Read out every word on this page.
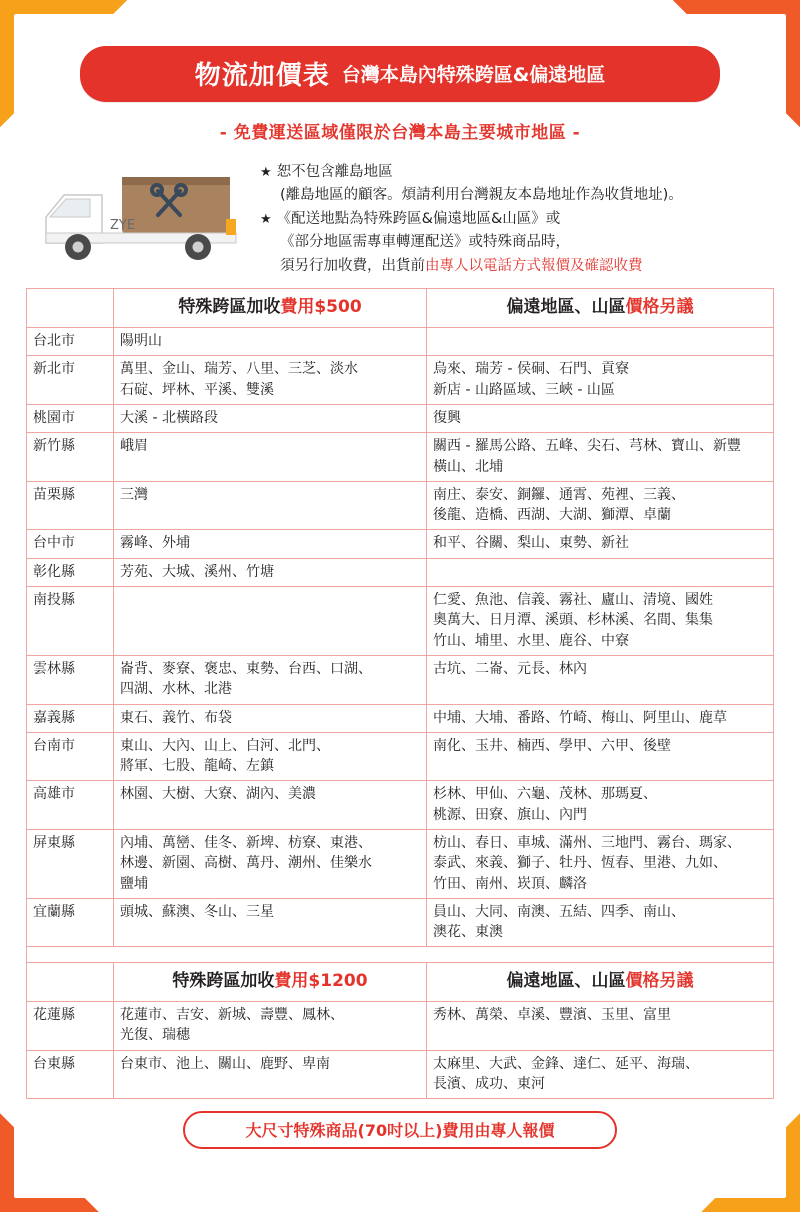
物流加價表 台灣本島內特殊跨區&偏遠地區
- 免費運送區域僅限於台灣本島主要城市地區 -
ZYE
★ 恕不包含離島地區
(離島地區的顧客。煩請利用台灣親友本島地址作為收貨地址)。
★ 《配送地點為特殊跨區&偏遠地區&山區》或
《部分地區需專車轉運配送》或特殊商品時，
須另行加收費，出貨前由專人以電話方式報價及確認收費
	特殊跨區加收費用$500	偏遠地區、山區價格另議
台北市	陽明山	
新北市	萬里、金山、瑞芳、八里、三芝、淡水
石碇、坪林、平溪、雙溪	烏來、瑞芳 - 侯硐、石門、貢寮
新店 - 山路區域、三峽 - 山區
桃園市	大溪 - 北橫路段	復興
新竹縣	峨眉	關西 - 羅馬公路、五峰、尖石、芎林、寶山、新豐
橫山、北埔
苗栗縣	三灣	南庄、泰安、銅鑼、通霄、苑裡、三義、
後龍、造橋、西湖、大湖、獅潭、卓蘭
台中市	霧峰、外埔	和平、谷關、梨山、東勢、新社
彰化縣	芳苑、大城、溪州、竹塘	
南投縣		仁愛、魚池、信義、霧社、廬山、清境、國姓
奧萬大、日月潭、溪頭、杉林溪、名間、集集
竹山、埔里、水里、鹿谷、中寮
雲林縣	崙背、麥寮、褒忠、東勢、台西、口湖、
四湖、水林、北港	古坑、二崙、元長、林內
嘉義縣	東石、義竹、布袋	中埔、大埔、番路、竹崎、梅山、阿里山、鹿草
台南市	東山、大內、山上、白河、北門、
將軍、七股、龍崎、左鎮	南化、玉井、楠西、學甲、六甲、後壁
高雄市	林園、大樹、大寮、湖內、美濃	杉林、甲仙、六龜、茂林、那瑪夏、
桃源、田寮、旗山、內門
屏東縣	內埔、萬巒、佳冬、新埤、枋寮、東港、
林邊、新園、高樹、萬丹、潮州、佳樂水
鹽埔	枋山、春日、車城、滿州、三地門、霧台、瑪家、
泰武、來義、獅子、牡丹、恆春、里港、九如、
竹田、南州、崁頂、麟洛
宜蘭縣	頭城、蘇澳、冬山、三星	員山、大同、南澳、五結、四季、南山、
澳花、東澳

	特殊跨區加收費用$1200	偏遠地區、山區價格另議
花蓮縣	花蓮市、吉安、新城、壽豐、鳳林、
光復、瑞穗	秀林、萬榮、卓溪、豐濱、玉里、富里
台東縣	台東市、池上、關山、鹿野、卑南	太麻里、大武、金鋒、達仁、延平、海瑞、
長濱、成功、東河
大尺寸特殊商品(70吋以上)費用由專人報價
